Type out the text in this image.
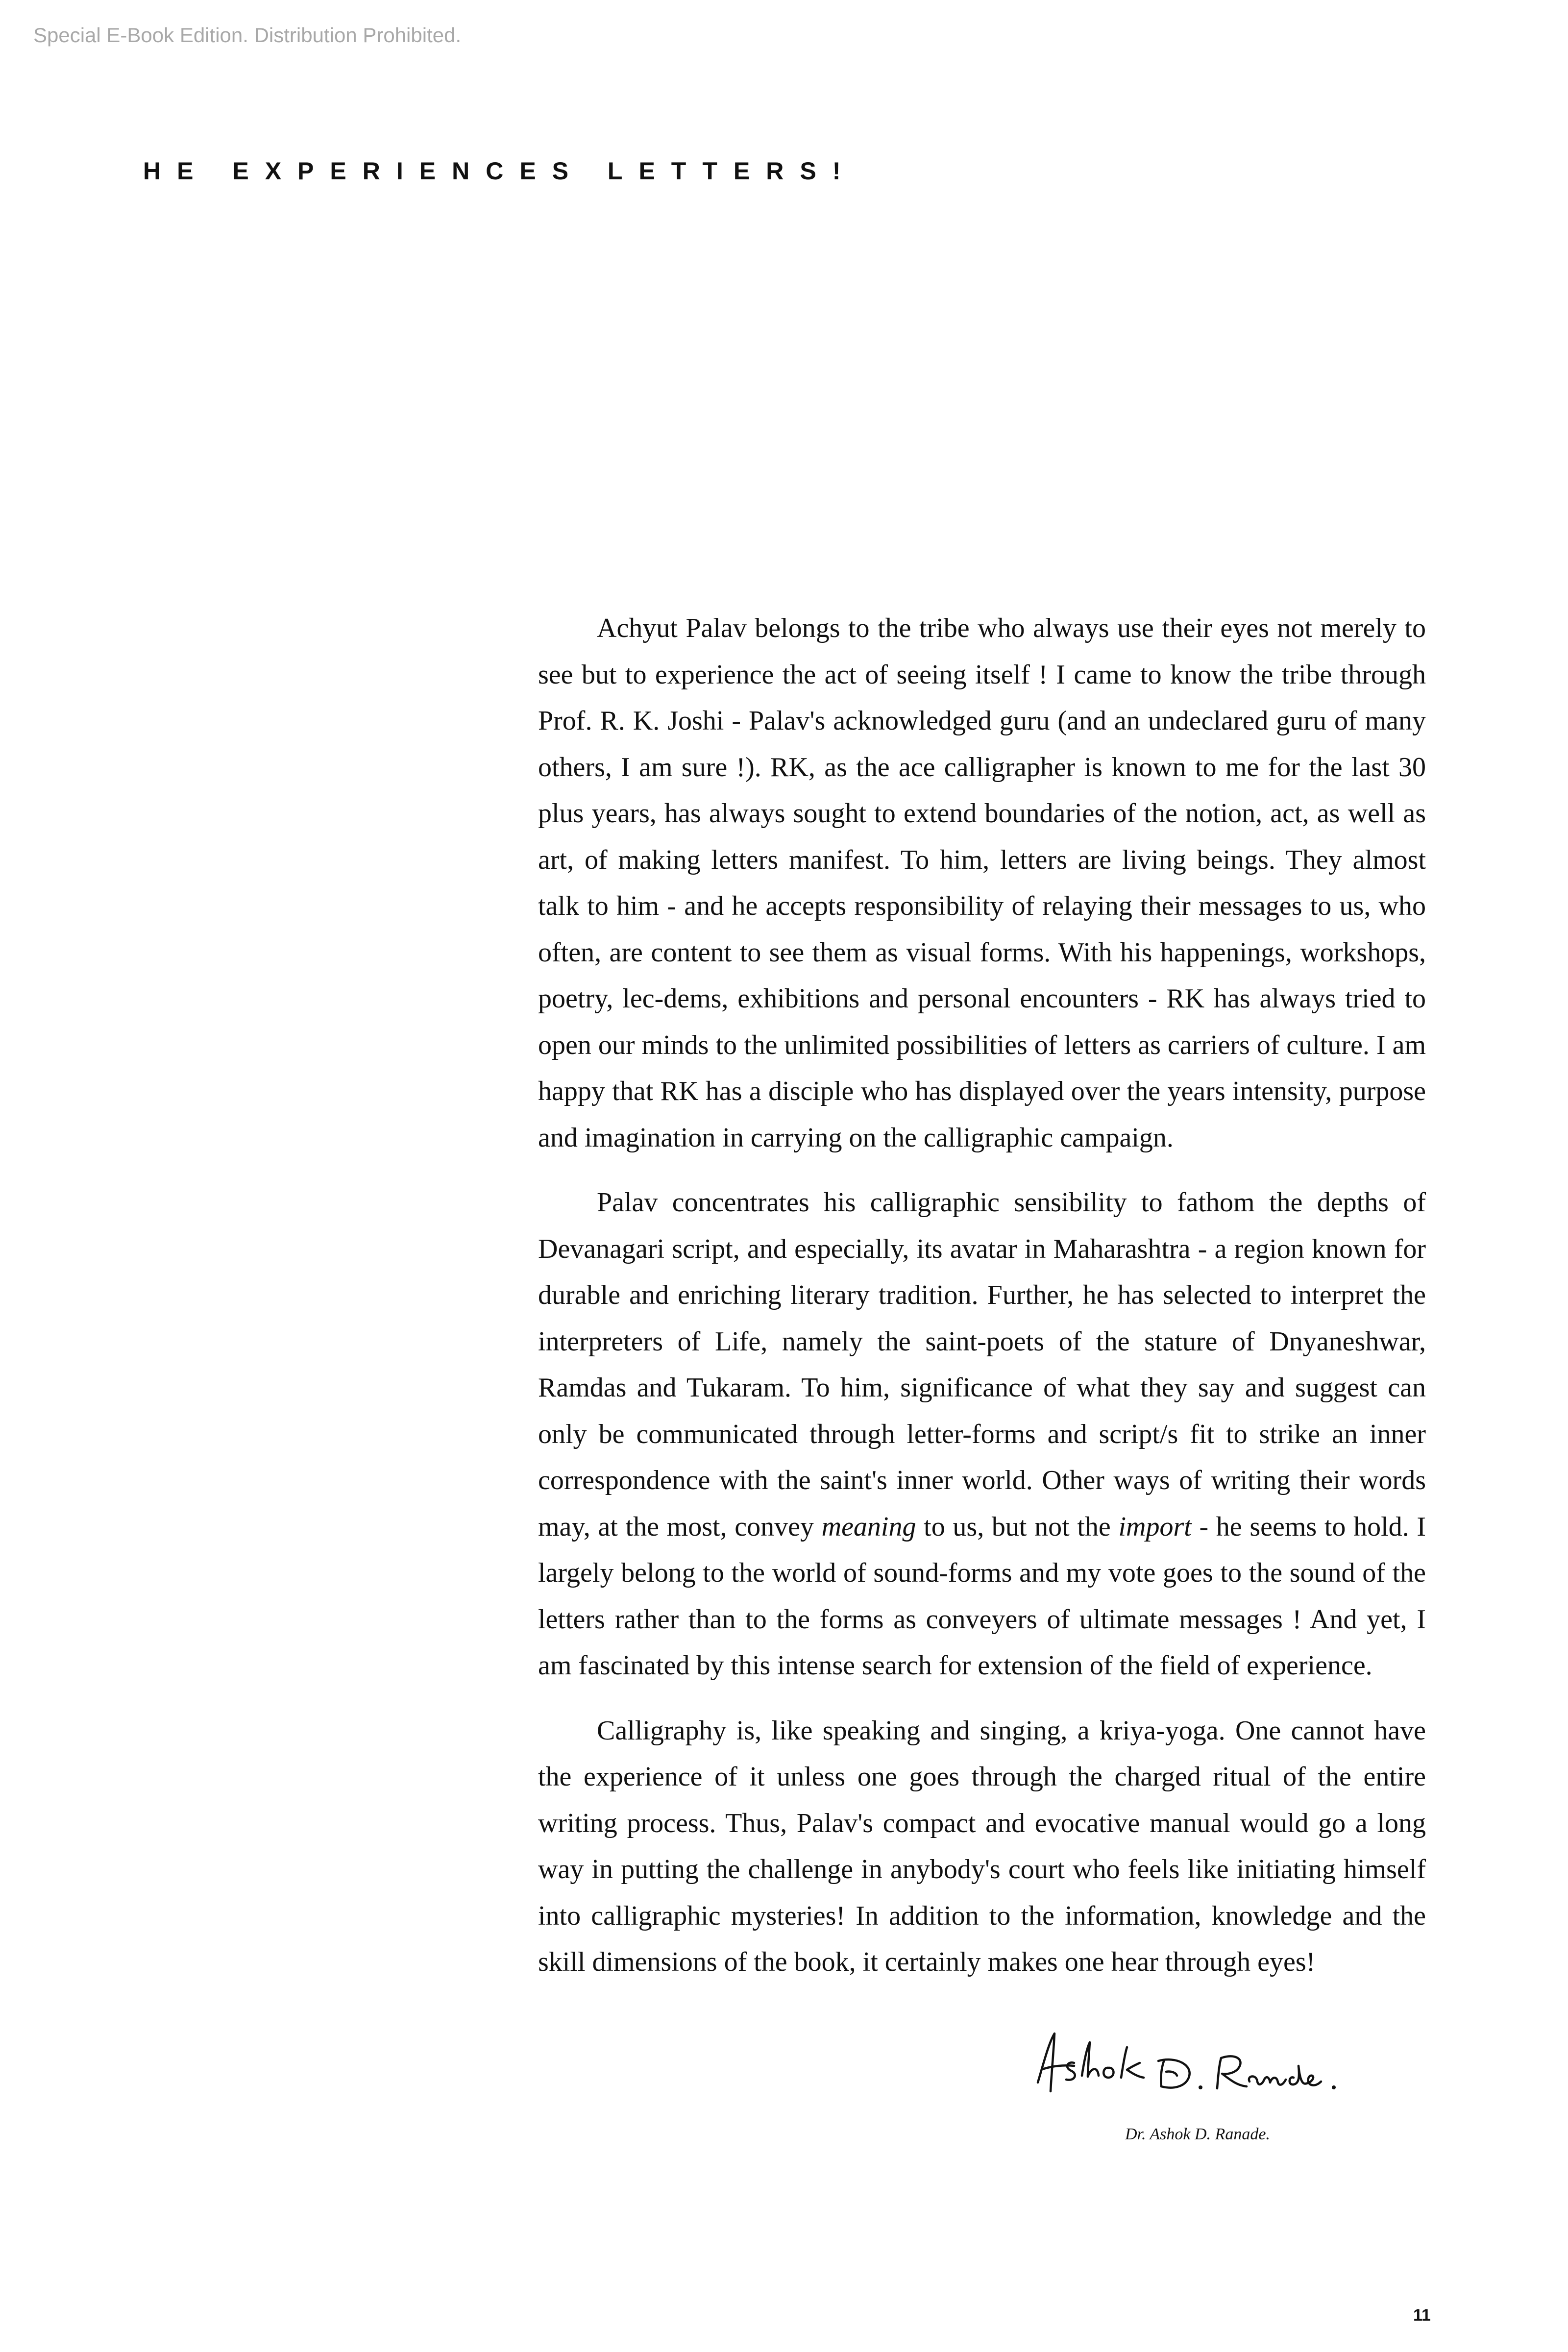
Special E-Book Edition. Distribution Prohibited.
HE EXPERIENCES LETTERS!

Achyut Palav belongs to the tribe who always use their eyes not merely to see but to experience the act of seeing itself ! I came to know the tribe through Prof. R. K. Joshi - Palav's acknowledged guru (and an undeclared guru of many others, I am sure !). RK, as the ace calligrapher is known to me for the last 30 plus years, has always sought to extend boundaries of the notion, act, as well as art, of making letters manifest. To him, letters are living beings. They almost talk to him - and he accepts responsibility of relaying their messages to us, who often, are content to see them as visual forms. With his happenings, workshops, poetry, lec-dems, exhibitions and personal encounters - RK has always tried to open our minds to the unlimited possibilities of letters as carriers of culture. I am happy that RK has a disciple who has displayed over the years intensity, purpose and imagination in carrying on the calligraphic campaign.

Palav concentrates his calligraphic sensibility to fathom the depths of Devanagari script, and especially, its avatar in Maharashtra - a region known for durable and enriching literary tradition. Further, he has selected to interpret the interpreters of Life, namely the saint-poets of the stature of Dnyaneshwar, Ramdas and Tukaram. To him, significance of what they say and suggest can only be communicated through letter-forms and script/s fit to strike an inner correspondence with the saint's inner world. Other ways of writing their words may, at the most, convey meaning to us, but not the import - he seems to hold. I largely belong to the world of sound-forms and my vote goes to the sound of the letters rather than to the forms as conveyers of ultimate messages ! And yet, I am fascinated by this intense search for extension of the field of experience.

Calligraphy is, like speaking and singing, a kriya-yoga. One cannot have the experience of it unless one goes through the charged ritual of the entire writing process. Thus, Palav's compact and evocative manual would go a long way in putting the challenge in anybody's court who feels like initiating himself into calligraphic mysteries! In addition to the information, knowledge and the skill dimensions of the book, it certainly makes one hear through eyes!

Dr. Ashok D. Ranade.
11
